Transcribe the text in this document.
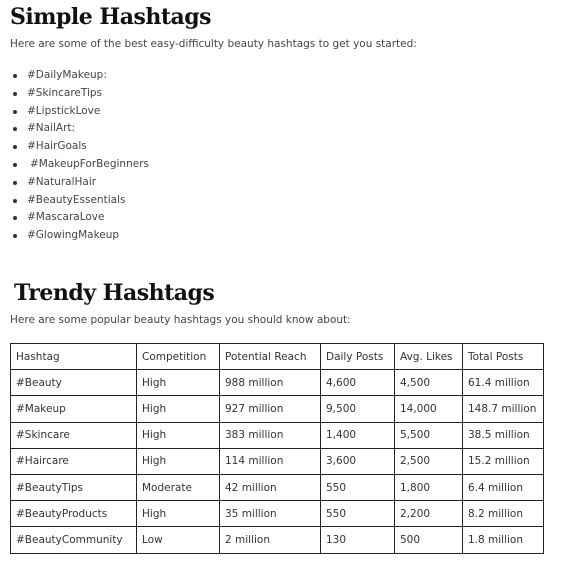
Simple Hashtags

Here are some of the best easy-difficulty beauty hashtags to get you started:

#DailyMakeup:
#SkincareTips
#LipstickLove
#NailArt:
#HairGoals
#MakeupForBeginners
#NaturalHair
#BeautyEssentials
#MascaraLove
#GlowingMakeup
Trendy Hashtags

Here are some popular beauty hashtags you should know about:

Hashtag	Competition	Potential Reach	Daily Posts	Avg. Likes	Total Posts
#Beauty	High	988 million	4,600	4,500	61.4 million
#Makeup	High	927 million	9,500	14,000	148.7 million
#Skincare	High	383 million	1,400	5,500	38.5 million
#Haircare	High	114 million	3,600	2,500	15.2 million
#BeautyTips	Moderate	42 million	550	1,800	6.4 million
#BeautyProducts	High	35 million	550	2,200	8.2 million
#BeautyCommunity	Low	2 million	130	500	1.8 million
